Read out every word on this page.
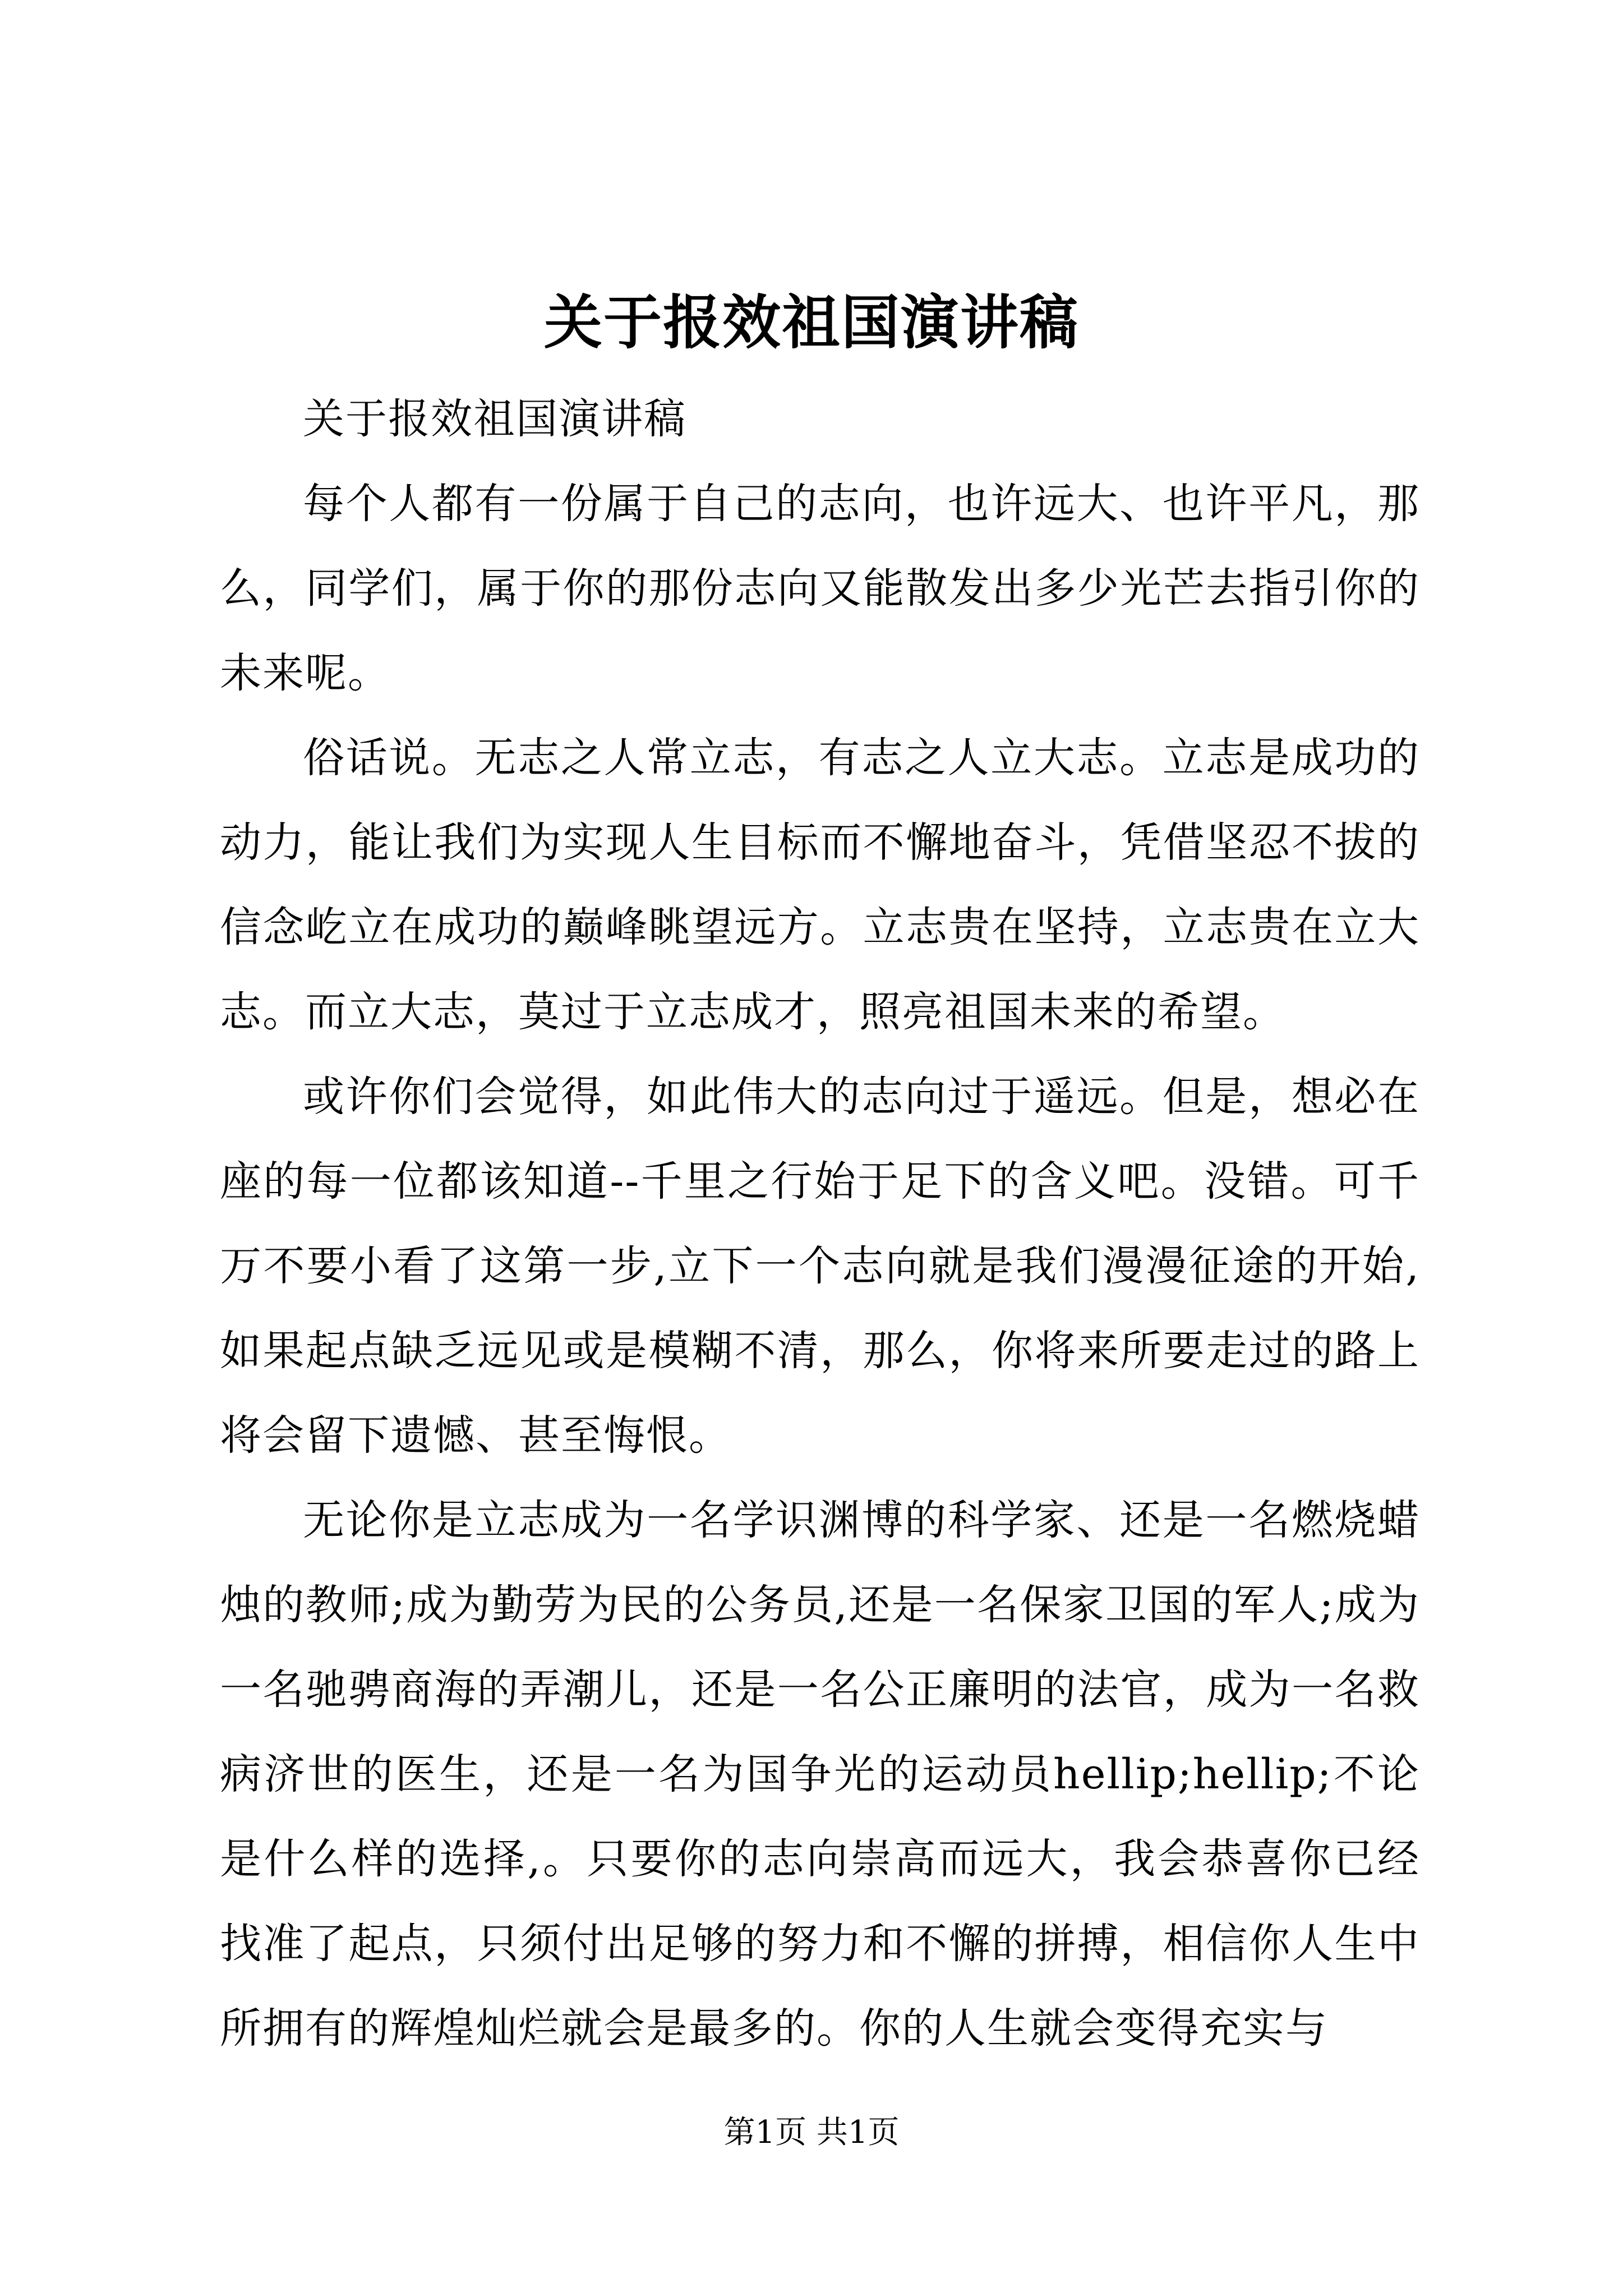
关于报效祖国演讲稿

关于报效祖国演讲稿

每个人都有一份属于自己的志向，也许远大、也许平凡，那么，同学们，属于你的那份志向又能散发出多少光芒去指引你的未来呢。

俗话说。无志之人常立志，有志之人立大志。立志是成功的动力，能让我们为实现人生目标而不懈地奋斗，凭借坚忍不拔的信念屹立在成功的巅峰眺望远方。立志贵在坚持，立志贵在立大志。而立大志，莫过于立志成才，照亮祖国未来的希望。

或许你们会觉得，如此伟大的志向过于遥远。但是，想必在座的每一位都该知道--千里之行始于足下的含义吧。没错。可千万不要小看了这第一步,立下一个志向就是我们漫漫征途的开始,如果起点缺乏远见或是模糊不清，那么，你将来所要走过的路上将会留下遗憾、甚至悔恨。

无论你是立志成为一名学识渊博的科学家、还是一名燃烧蜡烛的教师;成为勤劳为民的公务员,还是一名保家卫国的军人;成为一名驰骋商海的弄潮儿，还是一名公正廉明的法官，成为一名救病济世的医生，还是一名为国争光的运动员hellip;hellip;不论是什么样的选择,。只要你的志向崇高而远大，我会恭喜你已经找准了起点，只须付出足够的努力和不懈的拼搏，相信你人生中所拥有的辉煌灿烂就会是最多的。你的人生就会变得充实与

第1页 共1页
